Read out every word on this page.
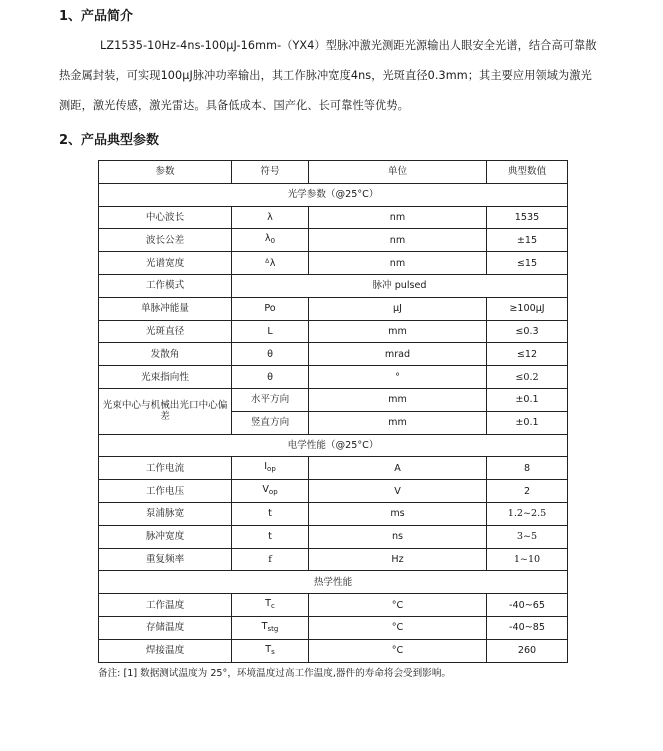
1、产品简介
LZ1535-10Hz-4ns-100μJ-16mm-（YX4）型脉冲激光测距光源输出人眼安全光谱，结合高可靠散
热金属封装，可实现100μJ脉冲功率输出，其工作脉冲宽度4ns，光斑直径0.3mm；其主要应用领域为激光
测距，激光传感，激光雷达。具备低成本、国产化、长可靠性等优势。
2、产品典型参数
参数	符号	单位	典型数值
光学参数（@25°C）			
中心波长	λ	nm	1535
波长公差	$\lambda_0$	nm	±15
光谱宽度	ᐞλ	nm	≤15
工作模式	脉冲 pulsed		
单脉冲能量	Po	μJ	≥100μJ
光斑直径	L	mm	≤0.3
发散角	θ	mrad	≤12
光束指向性	θ	°	≤0.2
光束中心与机械出光口中心偏差	水平方向	mm	±0.1
	竖直方向	mm	±0.1
电学性能（@25°C）			
工作电流	$I_{op}$	A	8
工作电压	$V_{op}$	V	2
泵浦脉宽	t	ms	1.2~2.5
脉冲宽度	t	ns	3~5
重复频率	f	Hz	1~10
热学性能			
工作温度	$T_c$	°C	-40~65
存储温度	$T_{stg}$	°C	-40~85
焊接温度	$T_s$	°C	260
备注: [1] 数据测试温度为 25°，环境温度过高工作温度,器件的寿命将会受到影响。
